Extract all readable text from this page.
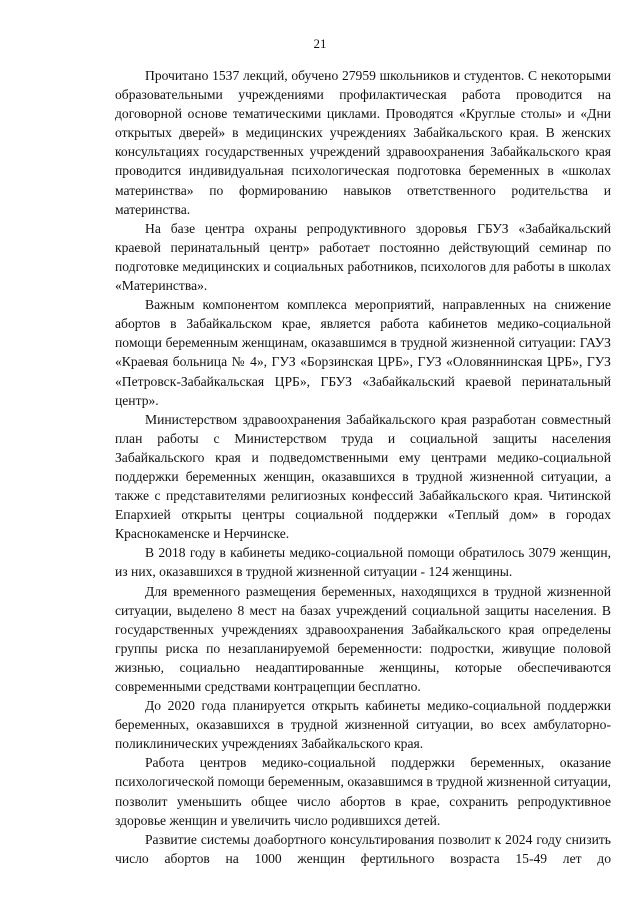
21

Прочитано 1537 лекций, обучено 27959 школьников и студентов. С некоторыми образовательными учреждениями профилактическая работа проводится на договорной основе тематическими циклами. Проводятся «Круглые столы» и «Дни открытых дверей» в медицинских учреждениях Забайкальского края. В женских консультациях государственных учреждений здравоохранения Забайкальского края проводится индивидуальная психологическая подготовка беременных в «школах материнства» по формированию навыков ответственного родительства и материнства.

На базе центра охраны репродуктивного здоровья ГБУЗ «Забайкальский краевой перинатальный центр» работает постоянно действующий семинар по подготовке медицинских и социальных работников, психологов для работы в школах «Материнства».

Важным компонентом комплекса мероприятий, направленных на снижение абортов в Забайкальском крае, является работа кабинетов медико-социальной помощи беременным женщинам, оказавшимся в трудной жизненной ситуации: ГАУЗ «Краевая больница № 4», ГУЗ «Борзинская ЦРБ», ГУЗ «Оловяннинская ЦРБ», ГУЗ «Петровск-Забайкальская ЦРБ», ГБУЗ «Забайкальский краевой перинатальный центр».

Министерством здравоохранения Забайкальского края разработан совместный план работы с Министерством труда и социальной защиты населения Забайкальского края и подведомственными ему центрами медико-социальной поддержки беременных женщин, оказавшихся в трудной жизненной ситуации, а также с представителями религиозных конфессий Забайкальского края. Читинской Епархией открыты центры социальной поддержки «Теплый дом» в городах Краснокаменске и Нерчинске.

В 2018 году в кабинеты медико-социальной помощи обратилось 3079 женщин, из них, оказавшихся в трудной жизненной ситуации - 124 женщины.

Для временного размещения беременных, находящихся в трудной жизненной ситуации, выделено 8 мест на базах учреждений социальной защиты населения. В государственных учреждениях здравоохранения Забайкальского края определены группы риска по незапланируемой беременности: подростки, живущие половой жизнью, социально неадаптированные женщины, которые обеспечиваются современными средствами контрацепции бесплатно.

До 2020 года планируется открыть кабинеты медико-социальной поддержки беременных, оказавшихся в трудной жизненной ситуации, во всех амбулаторно-поликлинических учреждениях Забайкальского края.

Работа центров медико-социальной поддержки беременных, оказание психологической помощи беременным, оказавшимся в трудной жизненной ситуации, позволит уменьшить общее число абортов в крае, сохранить репродуктивное здоровье женщин и увеличить число родившихся детей.

Развитие системы доабортного консультирования позволит к 2024 году снизить число абортов на 1000 женщин фертильного возраста 15-49 лет до
